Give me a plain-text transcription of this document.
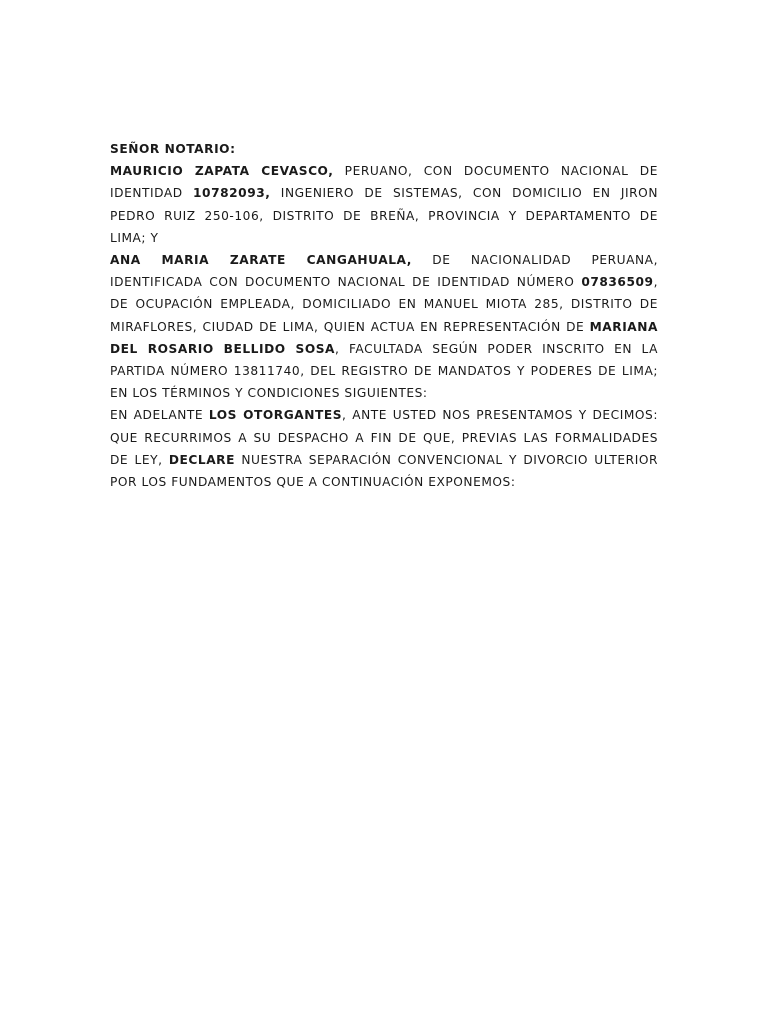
SEÑOR NOTARIO:

MAURICIO ZAPATA CEVASCO, PERUANO, CON DOCUMENTO NACIONAL DE IDENTIDAD 10782093, INGENIERO DE SISTEMAS, CON DOMICILIO EN JIRON PEDRO RUIZ 250-106, DISTRITO DE BREÑA, PROVINCIA Y DEPARTAMENTO DE LIMA; Y

ANA MARIA ZARATE CANGAHUALA, DE NACIONALIDAD PERUANA, IDENTIFICADA CON DOCUMENTO NACIONAL DE IDENTIDAD NÚMERO 07836509, DE OCUPACIÓN EMPLEADA, DOMICILIADO EN MANUEL MIOTA 285, DISTRITO DE MIRAFLORES, CIUDAD DE LIMA, QUIEN ACTUA EN REPRESENTACIÓN DE MARIANA DEL ROSARIO BELLIDO SOSA, FACULTADA SEGÚN PODER INSCRITO EN LA PARTIDA NÚMERO 13811740, DEL REGISTRO DE MANDATOS Y PODERES DE LIMA; EN LOS TÉRMINOS Y CONDICIONES SIGUIENTES:

EN ADELANTE LOS OTORGANTES, ANTE USTED NOS PRESENTAMOS Y DECIMOS: QUE RECURRIMOS A SU DESPACHO A FIN DE QUE, PREVIAS LAS FORMALIDADES DE LEY, DECLARE NUESTRA SEPARACIÓN CONVENCIONAL Y DIVORCIO ULTERIOR POR LOS FUNDAMENTOS QUE A CONTINUACIÓN EXPONEMOS:
